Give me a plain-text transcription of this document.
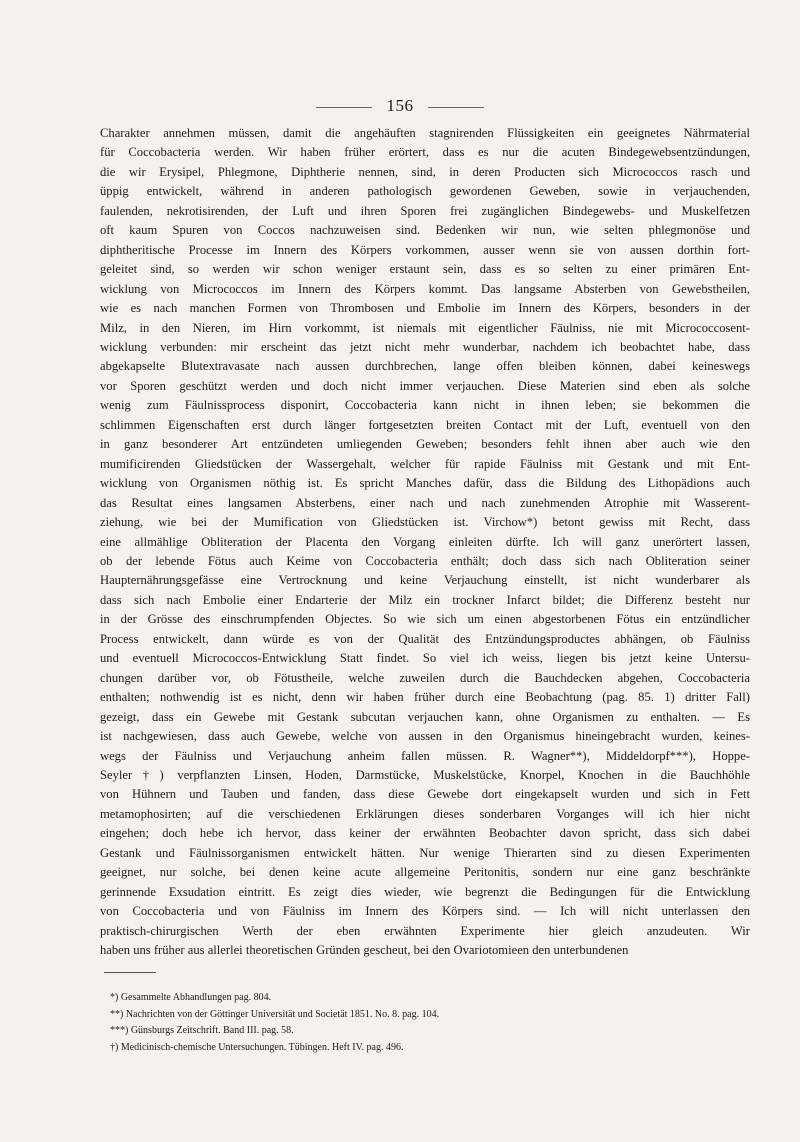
156
Charakter annehmen müssen, damit die angehäuften stagnirenden Flüssigkeiten ein geeignetes Nährmaterial
für Coccobacteria werden. Wir haben früher erörtert, dass es nur die acuten Bindegewebsentzündungen,
die wir Erysipel, Phlegmone, Diphtherie nennen, sind, in deren Producten sich Micrococcos rasch und
üppig entwickelt, während in anderen pathologisch gewordenen Geweben, sowie in verjauchenden,
faulenden, nekrotisirenden, der Luft und ihren Sporen frei zugänglichen Bindegewebs- und Muskelfetzen
oft kaum Spuren von Coccos nachzuweisen sind. Bedenken wir nun, wie selten phlegmonöse und
diphtheritische Processe im Innern des Körpers vorkommen, ausser wenn sie von aussen dorthin fort-
geleitet sind, so werden wir schon weniger erstaunt sein, dass es so selten zu einer primären Ent-
wicklung von Micrococcos im Innern des Körpers kommt. Das langsame Absterben von Gewebstheilen,
wie es nach manchen Formen von Thrombosen und Embolie im Innern des Körpers, besonders in der
Milz, in den Nieren, im Hirn vorkommt, ist niemals mit eigentlicher Fäulniss, nie mit Micrococcosent-
wicklung verbunden: mir erscheint das jetzt nicht mehr wunderbar, nachdem ich beobachtet habe, dass
abgekapselte Blutextravasate nach aussen durchbrechen, lange offen bleiben können, dabei keineswegs
vor Sporen geschützt werden und doch nicht immer verjauchen. Diese Materien sind eben als solche
wenig zum Fäulnissprocess disponirt, Coccobacteria kann nicht in ihnen leben; sie bekommen die
schlimmen Eigenschaften erst durch länger fortgesetzten breiten Contact mit der Luft, eventuell von den
in ganz besonderer Art entzündeten umliegenden Geweben; besonders fehlt ihnen aber auch wie den
mumificirenden Gliedstücken der Wassergehalt, welcher für rapide Fäulniss mit Gestank und mit Ent-
wicklung von Organismen nöthig ist. Es spricht Manches dafür, dass die Bildung des Lithopädions auch
das Resultat eines langsamen Absterbens, einer nach und nach zunehmenden Atrophie mit Wasserent-
ziehung, wie bei der Mumification von Gliedstücken ist. Virchow*) betont gewiss mit Recht, dass
eine allmählige Obliteration der Placenta den Vorgang einleiten dürfte. Ich will ganz unerörtert lassen,
ob der lebende Fötus auch Keime von Coccobacteria enthält; doch dass sich nach Obliteration seiner
Haupternährungsgefässe eine Vertrocknung und keine Verjauchung einstellt, ist nicht wunderbarer als
dass sich nach Embolie einer Endarterie der Milz ein trockner Infarct bildet; die Differenz besteht nur
in der Grösse des einschrumpfenden Objectes. So wie sich um einen abgestorbenen Fötus ein entzündlicher
Process entwickelt, dann würde es von der Qualität des Entzündungsproductes abhängen, ob Fäulniss
und eventuell Micrococcos-Entwicklung Statt findet. So viel ich weiss, liegen bis jetzt keine Untersu-
chungen darüber vor, ob Fötustheile, welche zuweilen durch die Bauchdecken abgehen, Coccobacteria
enthalten; nothwendig ist es nicht, denn wir haben früher durch eine Beobachtung (pag. 85. 1) dritter Fall)
gezeigt, dass ein Gewebe mit Gestank subcutan verjauchen kann, ohne Organismen zu enthalten. — Es
ist nachgewiesen, dass auch Gewebe, welche von aussen in den Organismus hineingebracht wurden, keines-
wegs der Fäulniss und Verjauchung anheim fallen müssen. R. Wagner**), Middeldorpf***), Hoppe-
Seyler†) verpflanzten Linsen, Hoden, Darmstücke, Muskelstücke, Knorpel, Knochen in die Bauchhöhle
von Hühnern und Tauben und fanden, dass diese Gewebe dort eingekapselt wurden und sich in Fett
metamophosirten; auf die verschiedenen Erklärungen dieses sonderbaren Vorganges will ich hier nicht
eingehen; doch hebe ich hervor, dass keiner der erwähnten Beobachter davon spricht, dass sich dabei
Gestank und Fäulnissorganismen entwickelt hätten. Nur wenige Thierarten sind zu diesen Experimenten
geeignet, nur solche, bei denen keine acute allgemeine Peritonitis, sondern nur eine ganz beschränkte
gerinnende Exsudation eintritt. Es zeigt dies wieder, wie begrenzt die Bedingungen für die Entwicklung
von Coccobacteria und von Fäulniss im Innern des Körpers sind. — Ich will nicht unterlassen den
praktisch-chirurgischen Werth der eben erwähnten Experimente hier gleich anzudeuten. Wir
haben uns früher aus allerlei theoretischen Gründen gescheut, bei den Ovariotomieen den unterbundenen
*) Gesammelte Abhandlungen pag. 804.
**) Nachrichten von der Göttinger Universität und Societät 1851. No. 8. pag. 104.
***) Günsburgs Zeitschrift. Band III. pag. 58.
†) Medicinisch-chemische Untersuchungen. Tübingen. Heft IV. pag. 496.
